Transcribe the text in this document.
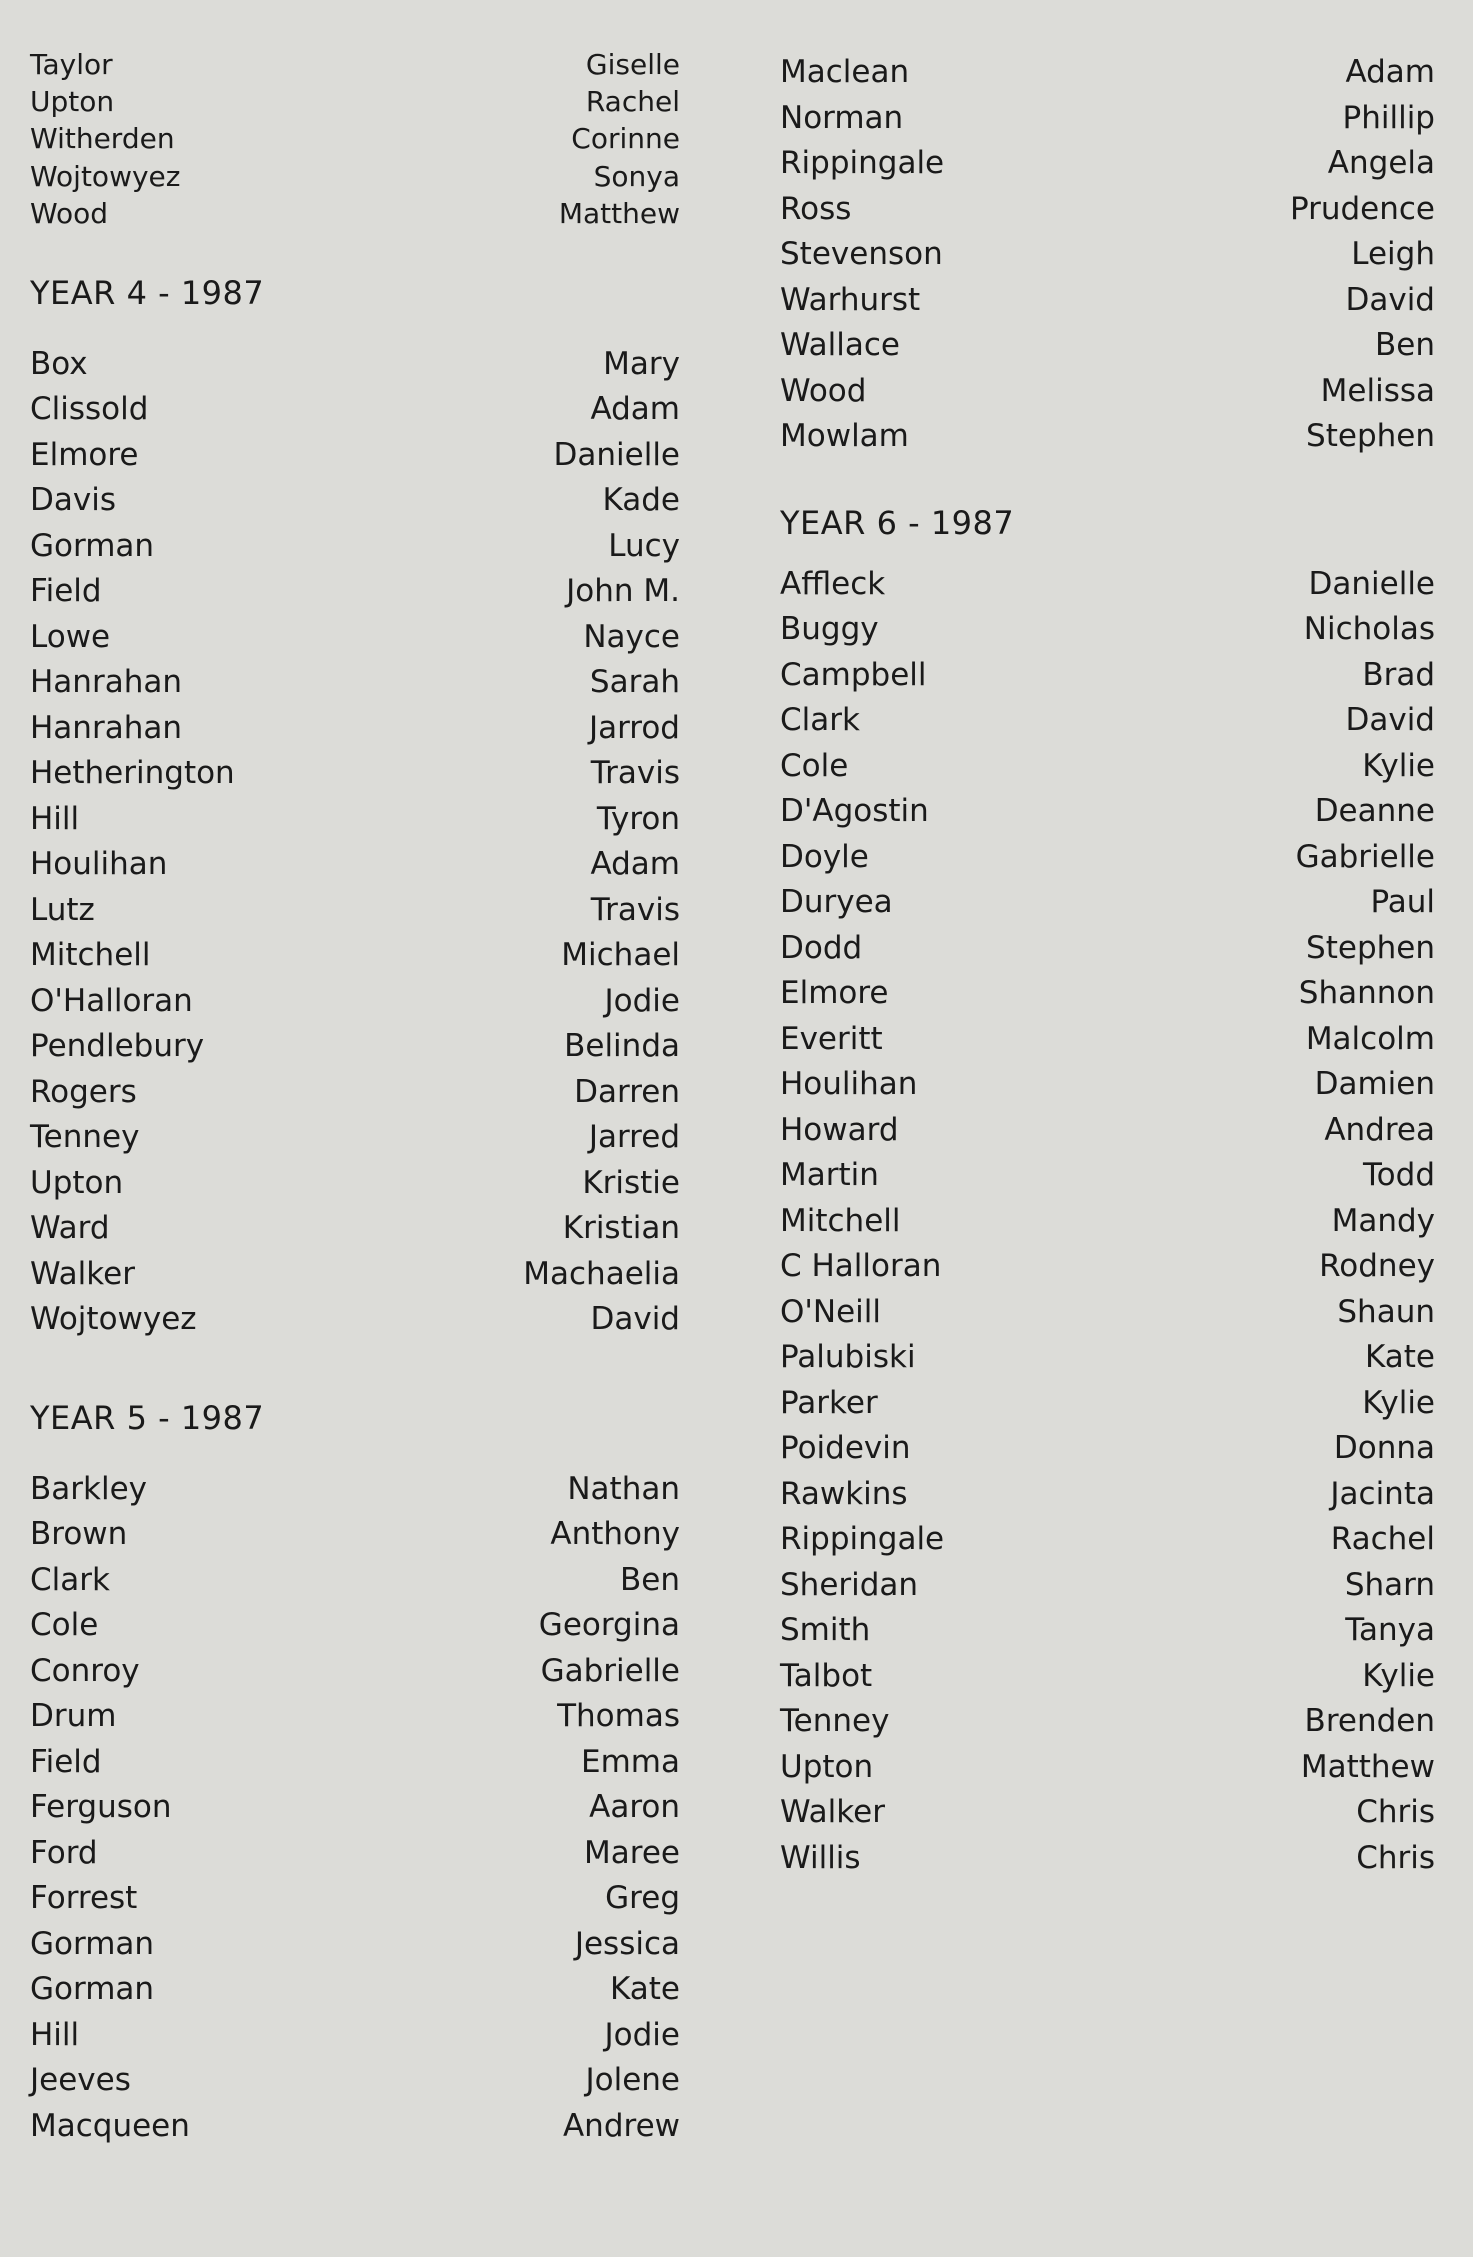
Taylor	Giselle
Upton	Rachel
Witherden	Corinne
Wojtowyez	Sonya
Wood	Matthew
YEAR 4 - 1987
Box	Mary
Clissold	Adam
Elmore	Danielle
Davis	Kade
Gorman	Lucy
Field	John M.
Lowe	Nayce
Hanrahan	Sarah
Hanrahan	Jarrod
Hetherington	Travis
Hill	Tyron
Houlihan	Adam
Lutz	Travis
Mitchell	Michael
O'Halloran	Jodie
Pendlebury	Belinda
Rogers	Darren
Tenney	Jarred
Upton	Kristie
Ward	Kristian
Walker	Machaelia
Wojtowyez	David
YEAR 5 - 1987
Barkley	Nathan
Brown	Anthony
Clark	Ben
Cole	Georgina
Conroy	Gabrielle
Drum	Thomas
Field	Emma
Ferguson	Aaron
Ford	Maree
Forrest	Greg
Gorman	Jessica
Gorman	Kate
Hill	Jodie
Jeeves	Jolene
Macqueen	Andrew
Maclean	Adam
Norman	Phillip
Rippingale	Angela
Ross	Prudence
Stevenson	Leigh
Warhurst	David
Wallace	Ben
Wood	Melissa
Mowlam	Stephen
YEAR 6 - 1987
Affleck	Danielle
Buggy	Nicholas
Campbell	Brad
Clark	David
Cole	Kylie
D'Agostin	Deanne
Doyle	Gabrielle
Duryea	Paul
Dodd	Stephen
Elmore	Shannon
Everitt	Malcolm
Houlihan	Damien
Howard	Andrea
Martin	Todd
Mitchell	Mandy
C Halloran	Rodney
O'Neill	Shaun
Palubiski	Kate
Parker	Kylie
Poidevin	Donna
Rawkins	Jacinta
Rippingale	Rachel
Sheridan	Sharn
Smith	Tanya
Talbot	Kylie
Tenney	Brenden
Upton	Matthew
Walker	Chris
Willis	Chris
